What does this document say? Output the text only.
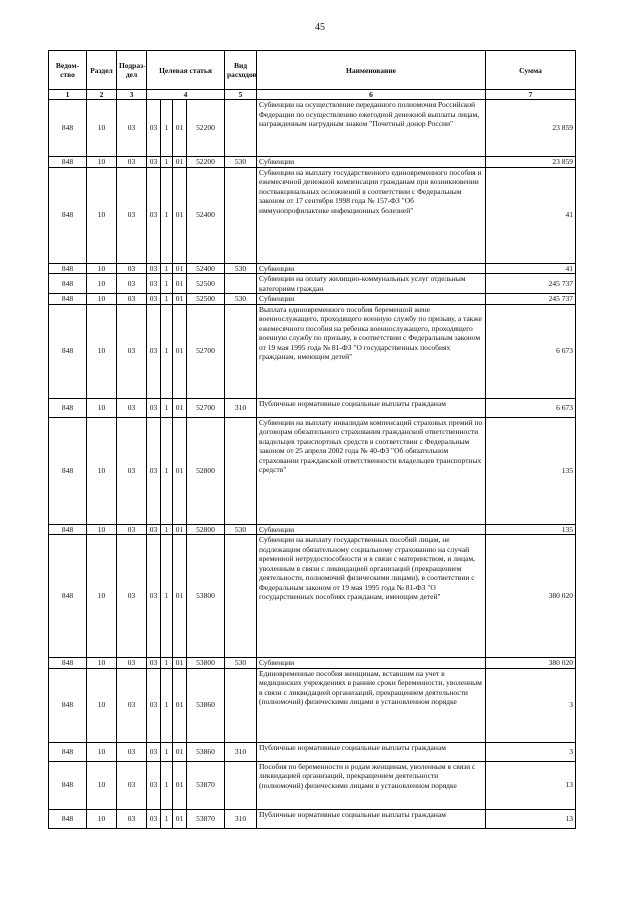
45
Ведом-ство	Раздел	Подраз-дел	Целевая статья				Вид расходов	Наименование	Сумма
1	2	3	4				5	6	7
848	10	03	03	1	01	52200		Субвенции на осуществление переданного полномочия Российской Федерации по осуществлению ежегодной денежной выплаты лицам, награжденным нагрудным знаком "Почетный донор России"	23 859
848	10	03	03	1	01	52200	530	Субвенции	23 859
848	10	03	03	1	01	52400		Субвенции на выплату государственного единовременного пособия и ежемесячной денежной компенсации гражданам при возникновении поствакцинальных осложнений в соответствии с Федеральным законом от 17 сентября 1998 года № 157-ФЗ "Об иммунопрофилактике инфекционных болезней"	41
848	10	03	03	1	01	52400	530	Субвенции	41
848	10	03	03	1	01	52500		Субвенции на оплату жилищно-коммунальных услуг отдельным категориям граждан	245 737
848	10	03	03	1	01	52500	530	Субвенции	245 737
848	10	03	03	1	01	52700		Выплата единовременного пособия беременной жене военнослужащего, проходящего военную службу по призыву, а также ежемесячного пособия на ребенка военнослужащего, проходящего военную службу по призыву, в соответствии с Федеральным законом от 19 мая 1995 года № 81-ФЗ "О государственных пособиях гражданам, имеющим детей"	6 673
848	10	03	03	1	01	52700	310	Публичные нормативные социальные выплаты гражданам	6 673
848	10	03	03	1	01	52800		Субвенции на выплату инвалидам компенсаций страховых премий по договорам обязательного страхования гражданской ответственности владельцев транспортных средств в соответствии с Федеральным законом от 25 апреля 2002 года № 40-ФЗ "Об обязательном страховании гражданской ответственности владельцев транспортных средств"	135
848	10	03	03	1	01	52800	530	Субвенции	135
848	10	03	03	1	01	53800		Субвенции на выплату государственных пособий лицам, не подлежащим обязательному социальному страхованию на случай временной нетрудоспособности и в связи с материнством, и лицам, уволенным в связи с ликвидацией организаций (прекращением деятельности, полномочий физическими лицами), в соответствии с Федеральным законом от 19 мая 1995 года № 81-ФЗ "О государственных пособиях гражданам, имеющим детей"	380 020
848	10	03	03	1	01	53800	530	Субвенции	380 020
848	10	03	03	1	01	53860		Единовременные пособия женщинам, вставшим на учет в медицинских учреждениях в ранние сроки беременности, уволенным в связи с ликвидацией организаций, прекращением деятельности (полномочий) физическими лицами в установленном порядке	3
848	10	03	03	1	01	53860	310	Публичные нормативные социальные выплаты гражданам	3
848	10	03	03	1	01	53870		Пособия по беременности и родам женщинам, уволенным в связи с ликвидацией организаций, прекращением деятельности (полномочий) физическими лицами в установленном порядке	13
848	10	03	03	1	01	53870	310	Публичные нормативные социальные выплаты гражданам	13
